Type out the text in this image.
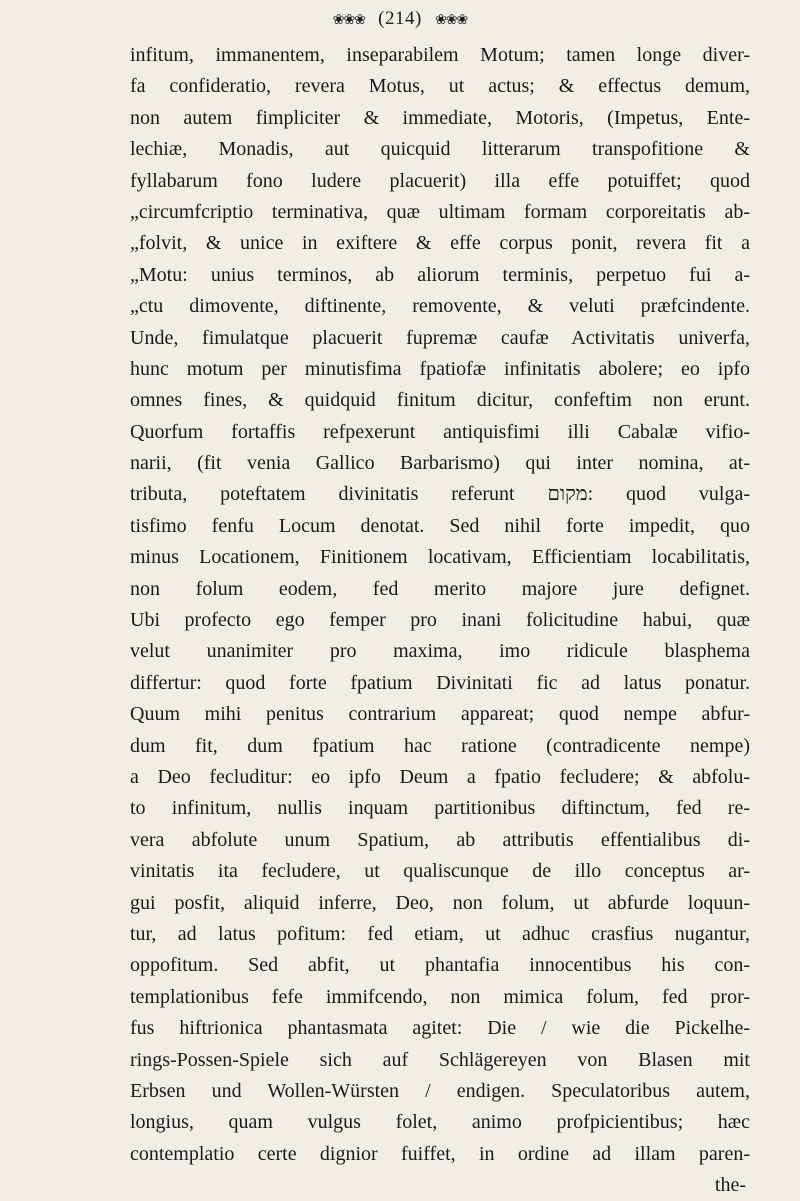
❀❀❀ (214) ❀❀❀
infitum, immanentem, inseparabilem Motum; tamen longe diver-
fa confideratio, revera Motus, ut actus; & effectus demum,
non autem fimpliciter & immediate, Motoris, (Impetus, Ente-
lechiæ, Monadis, aut quicquid litterarum transpofitione &
fyllabarum fono ludere placuerit) illa effe potuiffet; quod
„circumfcriptio terminativa, quæ ultimam formam corporeitatis ab-
„folvit, & unice in exiftere & effe corpus ponit, revera fit a
„Motu: unius terminos, ab aliorum terminis, perpetuo fui a-
„ctu dimovente, diftinente, removente, & veluti præfcindente.
Unde, fimulatque placuerit fupremæ caufæ Activitatis univerfa,
hunc motum per minutisfima fpatiofæ infinitatis abolere; eo ipfo
omnes fines, & quidquid finitum dicitur, confeftim non erunt.
Quorfum fortaffis refpexerunt antiquisfimi illi Cabalæ vifio-
narii, (fit venia Gallico Barbarismo) qui inter nomina, at-
tributa, poteftatem divinitatis referunt מקום: quod vulga-
tisfimo fenfu Locum denotat. Sed nihil forte impedit, quo
minus Locationem, Finitionem locativam, Efficientiam locabilitatis,
non folum eodem, fed merito majore jure defignet.
Ubi profecto ego femper pro inani folicitudine habui, quæ
velut unanimiter pro maxima, imo ridicule blasphema
differtur: quod forte fpatium Divinitati fic ad latus ponatur.
Quum mihi penitus contrarium appareat; quod nempe abfur-
dum fit, dum fpatium hac ratione (contradicente nempe)
a Deo fecluditur: eo ipfo Deum a fpatio fecludere; & abfolu-
to infinitum, nullis inquam partitionibus diftinctum, fed re-
vera abfolute unum Spatium, ab attributis effentialibus di-
vinitatis ita fecludere, ut qualiscunque de illo conceptus ar-
gui posfit, aliquid inferre, Deo, non folum, ut abfurde loquun-
tur, ad latus pofitum: fed etiam, ut adhuc crasfius nugantur,
oppofitum. Sed abfit, ut phantafia innocentibus his con-
templationibus fefe immifcendo, non mimica folum, fed pror-
fus hiftrionica phantasmata agitet: Die / wie die Pickelhe-
rings-Possen-Spiele sich auf Schlägereyen von Blasen mit
Erbsen und Wollen-Würsten / endigen. Speculatoribus autem,
longius, quam vulgus folet, animo profpicientibus; hæc
contemplatio certe dignior fuiffet, in ordine ad illam paren-
the-
